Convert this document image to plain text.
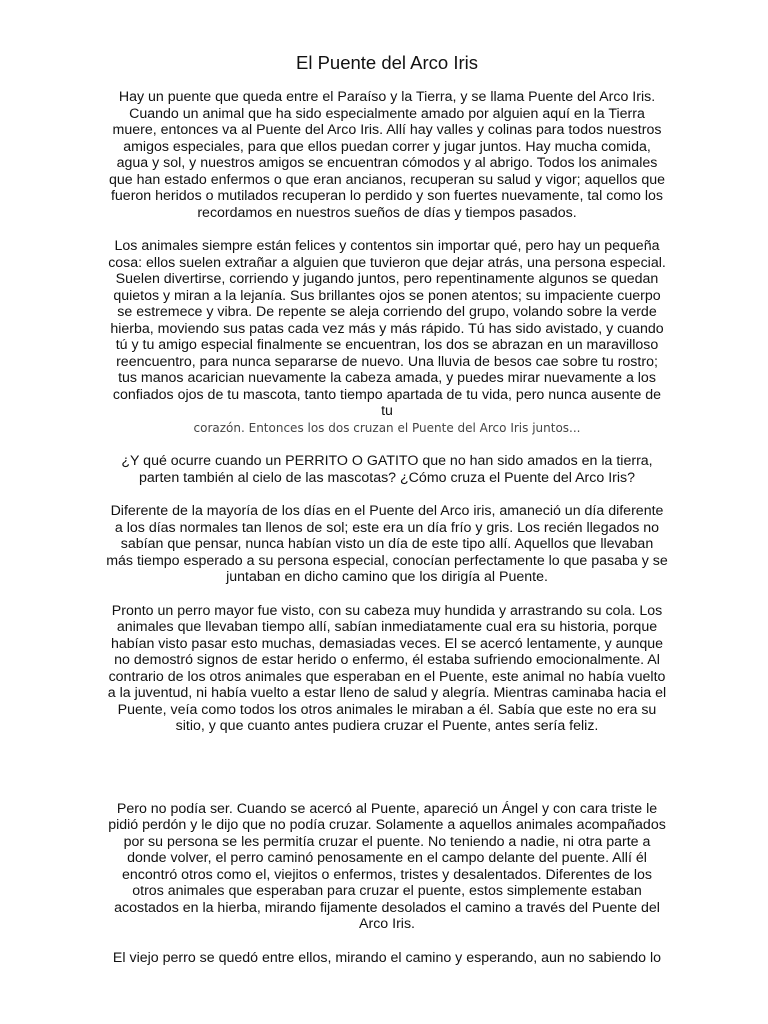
El Puente del Arco Iris

Hay un puente que queda entre el Paraíso y la Tierra, y se llama Puente del Arco Iris. Cuando un animal que ha sido especialmente amado por alguien aquí en la Tierra muere, entonces va al Puente del Arco Iris. Allí hay valles y colinas para todos nuestros amigos especiales, para que ellos puedan correr y jugar juntos. Hay mucha comida, agua y sol, y nuestros amigos se encuentran cómodos y al abrigo. Todos los animales que han estado enfermos o que eran ancianos, recuperan su salud y vigor; aquellos que fueron heridos o mutilados recuperan lo perdido y son fuertes nuevamente, tal como los recordamos en nuestros sueños de días y tiempos pasados.

Los animales siempre están felices y contentos sin importar qué, pero hay un pequeña cosa: ellos suelen extrañar a alguien que tuvieron que dejar atrás, una persona especial. Suelen divertirse, corriendo y jugando juntos, pero repentinamente algunos se quedan quietos y miran a la lejanía. Sus brillantes ojos se ponen atentos; su impaciente cuerpo se estremece y vibra. De repente se aleja corriendo del grupo, volando sobre la verde hierba, moviendo sus patas cada vez más y más rápido. Tú has sido avistado, y cuando tú y tu amigo especial finalmente se encuentran, los dos se abrazan en un maravilloso reencuentro, para nunca separarse de nuevo. Una lluvia de besos cae sobre tu rostro; tus manos acarician nuevamente la cabeza amada, y puedes mirar nuevamente a los confiados ojos de tu mascota, tanto tiempo apartada de tu vida, pero nunca ausente de tu
corazón. Entonces los dos cruzan el Puente del Arco Iris juntos...

¿Y qué ocurre cuando un PERRITO O GATITO que no han sido amados en la tierra, parten también al cielo de las mascotas? ¿Cómo cruza el Puente del Arco Iris?

Diferente de la mayoría de los días en el Puente del Arco iris, amaneció un día diferente a los días normales tan llenos de sol; este era un día frío y gris. Los recién llegados no sabían que pensar, nunca habían visto un día de este tipo allí. Aquellos que llevaban más tiempo esperado a su persona especial, conocían perfectamente lo que pasaba y se juntaban en dicho camino que los dirigía al Puente.

Pronto un perro mayor fue visto, con su cabeza muy hundida y arrastrando su cola. Los animales que llevaban tiempo allí, sabían inmediatamente cual era su historia, porque habían visto pasar esto muchas, demasiadas veces. El se acercó lentamente, y aunque no demostró signos de estar herido o enfermo, él estaba sufriendo emocionalmente. Al contrario de los otros animales que esperaban en el Puente, este animal no había vuelto a la juventud, ni había vuelto a estar lleno de salud y alegría. Mientras caminaba hacia el Puente, veía como todos los otros animales le miraban a él. Sabía que este no era su sitio, y que cuanto antes pudiera cruzar el Puente, antes sería feliz.

Pero no podía ser. Cuando se acercó al Puente, apareció un Ángel y con cara triste le pidió perdón y le dijo que no podía cruzar. Solamente a aquellos animales acompañados por su persona se les permitía cruzar el puente. No teniendo a nadie, ni otra parte a donde volver, el perro caminó penosamente en el campo delante del puente. Allí él encontró otros como el, viejitos o enfermos, tristes y desalentados. Diferentes de los otros animales que esperaban para cruzar el puente, estos simplemente estaban acostados en la hierba, mirando fijamente desolados el camino a través del Puente del Arco Iris.

El viejo perro se quedó entre ellos, mirando el camino y esperando, aun no sabiendo lo
